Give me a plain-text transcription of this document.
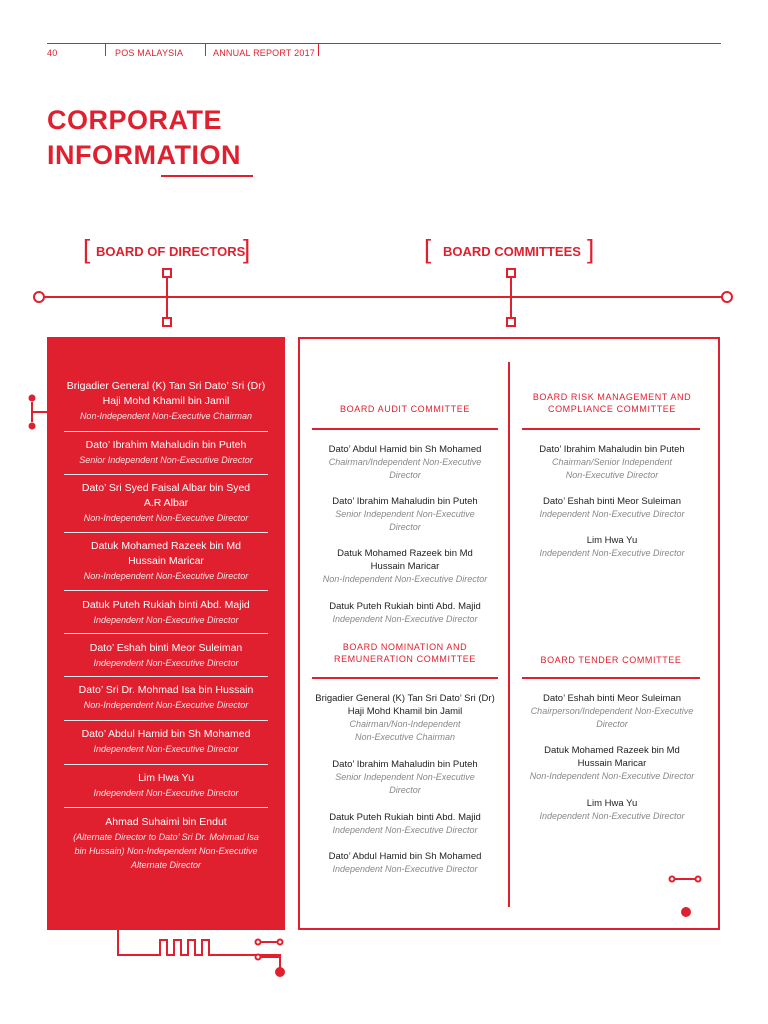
40	POS MALAYSIA	ANNUAL REPORT 2017
CORPORATE
INFORMATION
[ BOARD OF DIRECTORS
]	[ BOARD COMMITTEES ]
Brigadier General (K) Tan Sri Dato’ Sri (Dr) Haji Mohd Khamil bin Jamil
Non-Independent Non-Executive Chairman
Dato’ Ibrahim Mahaludin bin Puteh
Senior Independent Non-Executive Director
Dato’ Sri Syed Faisal Albar bin Syed A.R Albar
Non-Independent Non-Executive Director
Datuk Mohamed Razeek bin Md Hussain Maricar
Non-Independent Non-Executive Director
Datuk Puteh Rukiah binti Abd. Majid
Independent Non-Executive Director
Dato’ Eshah binti Meor Suleiman
Independent Non-Executive Director
Dato’ Sri Dr. Mohmad Isa bin Hussain
Non-Independent Non-Executive Director
Dato’ Abdul Hamid bin Sh Mohamed
Independent Non-Executive Director
Lim Hwa Yu
Independent Non-Executive Director
Ahmad Suhaimi bin Endut
(Alternate Director to Dato’ Sri Dr. Mohmad Isa bin Hussain) Non-Independent Non-Executive Alternate Director
BOARD AUDIT COMMITTEE
Dato’ Abdul Hamid bin Sh Mohamed
Chairman/Independent Non-Executive Director
Dato’ Ibrahim Mahaludin bin Puteh
Senior Independent Non-Executive Director
Datuk Mohamed Razeek bin Md Hussain Maricar
Non-Independent Non-Executive Director
Datuk Puteh Rukiah binti Abd. Majid
Independent Non-Executive Director
BOARD RISK MANAGEMENT AND COMPLIANCE COMMITTEE
Dato’ Ibrahim Mahaludin bin Puteh
Chairman/Senior Independent Non-Executive Director
Dato’ Eshah binti Meor Suleiman
Independent Non-Executive Director
Lim Hwa Yu
Independent Non-Executive Director
BOARD NOMINATION AND REMUNERATION COMMITTEE
Brigadier General (K) Tan Sri Dato’ Sri (Dr) Haji Mohd Khamil bin Jamil
Chairman/Non-Independent Non-Executive Chairman
Dato’ Ibrahim Mahaludin bin Puteh
Senior Independent Non-Executive Director
Datuk Puteh Rukiah binti Abd. Majid
Independent Non-Executive Director
Dato’ Abdul Hamid bin Sh Mohamed
Independent Non-Executive Director
BOARD TENDER COMMITTEE
Dato’ Eshah binti Meor Suleiman
Chairperson/Independent Non-Executive Director
Datuk Mohamed Razeek bin Md Hussain Maricar
Non-Independent Non-Executive Director
Lim Hwa Yu
Independent Non-Executive Director
